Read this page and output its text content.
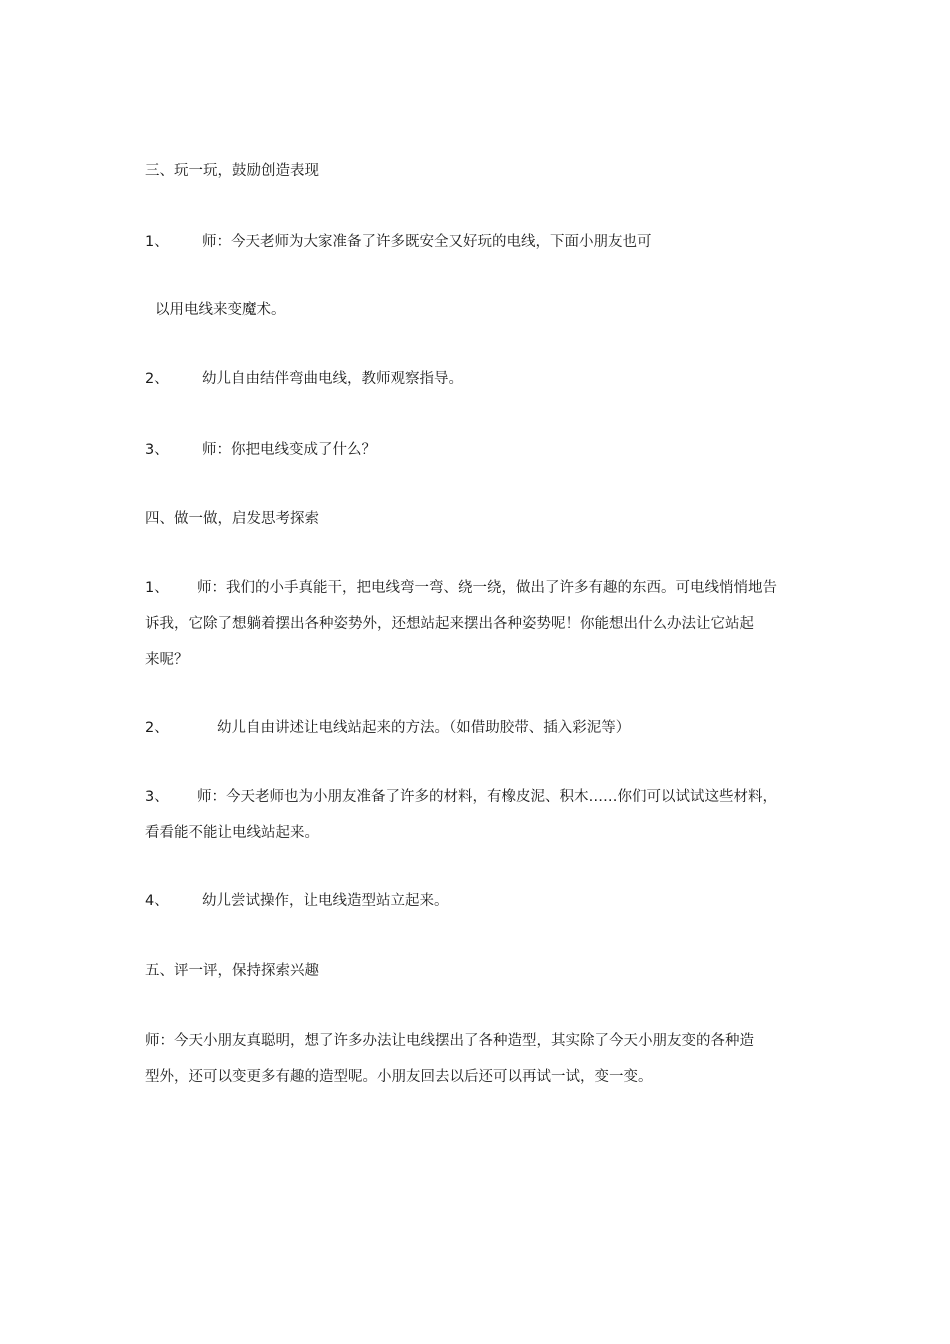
三、玩一玩，鼓励创造表现
1、 师：今天老师为大家准备了许多既安全又好玩的电线，下面小朋友也可
以用电线来变魔术。
2、 幼儿自由结伴弯曲电线，教师观察指导。
3、 师：你把电线变成了什么？
四、做一做，启发思考探索
1、 师：我们的小手真能干，把电线弯一弯、绕一绕，做出了许多有趣的东西。可电线悄悄地告
诉我，它除了想躺着摆出各种姿势外，还想站起来摆出各种姿势呢！你能想出什么办法让它站起
来呢？
2、	幼儿自由讲述让电线站起来的方法。（如借助胶带、插入彩泥等）
3、 师：今天老师也为小朋友准备了许多的材料，有橡皮泥、积木……你们可以试试这些材料，
看看能不能让电线站起来。
4、 幼儿尝试操作，让电线造型站立起来。
五、评一评，保持探索兴趣
师：今天小朋友真聪明，想了许多办法让电线摆出了各种造型，其实除了今天小朋友变的各种造
型外，还可以变更多有趣的造型呢。小朋友回去以后还可以再试一试，变一变。
